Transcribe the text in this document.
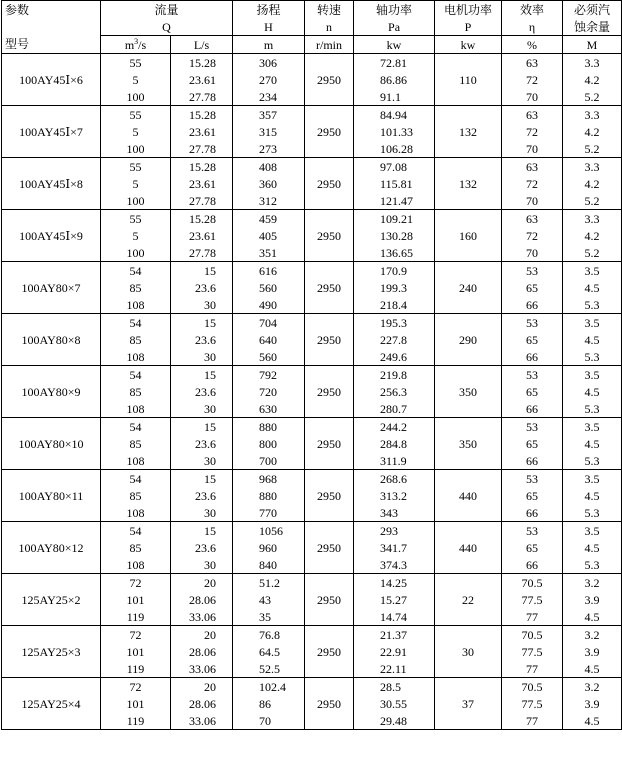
参数	流量		扬程	转速	轴功率	电机功率	效率	必须汽
	Q		H	n	Pa	P	η	蚀余量
型号	$m^3/s$	L/s	m	r/min	kw	kw	%	M
100AY45Ⅰ×6	55	15.28	306	2950	72.81	110	63	3.3
	5	23.61	270		86.86		72	4.2
	100	27.78	234		91.1		70	5.2
100AY45Ⅰ×7	55	15.28	357	2950	84.94	132	63	3.3
	5	23.61	315		101.33		72	4.2
	100	27.78	273		106.28		70	5.2
100AY45Ⅰ×8	55	15.28	408	2950	97.08	132	63	3.3
	5	23.61	360		115.81		72	4.2
	100	27.78	312		121.47		70	5.2
100AY45Ⅰ×9	55	15.28	459	2950	109.21	160	63	3.3
	5	23.61	405		130.28		72	4.2
	100	27.78	351		136.65		70	5.2
100AY80×7	54	15	616	2950	170.9	240	53	3.5
	85	23.6	560		199.3		65	4.5
	108	30	490		218.4		66	5.3
100AY80×8	54	15	704	2950	195.3	290	53	3.5
	85	23.6	640		227.8		65	4.5
	108	30	560		249.6		66	5.3
100AY80×9	54	15	792	2950	219.8	350	53	3.5
	85	23.6	720		256.3		65	4.5
	108	30	630		280.7		66	5.3
100AY80×10	54	15	880	2950	244.2	350	53	3.5
	85	23.6	800		284.8		65	4.5
	108	30	700		311.9		66	5.3
100AY80×11	54	15	968	2950	268.6	440	53	3.5
	85	23.6	880		313.2		65	4.5
	108	30	770		343		66	5.3
100AY80×12	54	15	1056	2950	293	440	53	3.5
	85	23.6	960		341.7		65	4.5
	108	30	840		374.3		66	5.3
125AY25×2	72	20	51.2	2950	14.25	22	70.5	3.2
	101	28.06	43		15.27		77.5	3.9
	119	33.06	35		14.74		77	4.5
125AY25×3	72	20	76.8	2950	21.37	30	70.5	3.2
	101	28.06	64.5		22.91		77.5	3.9
	119	33.06	52.5		22.11		77	4.5
125AY25×4	72	20	102.4	2950	28.5	37	70.5	3.2
	101	28.06	86		30.55		77.5	3.9
	119	33.06	70		29.48		77	4.5
